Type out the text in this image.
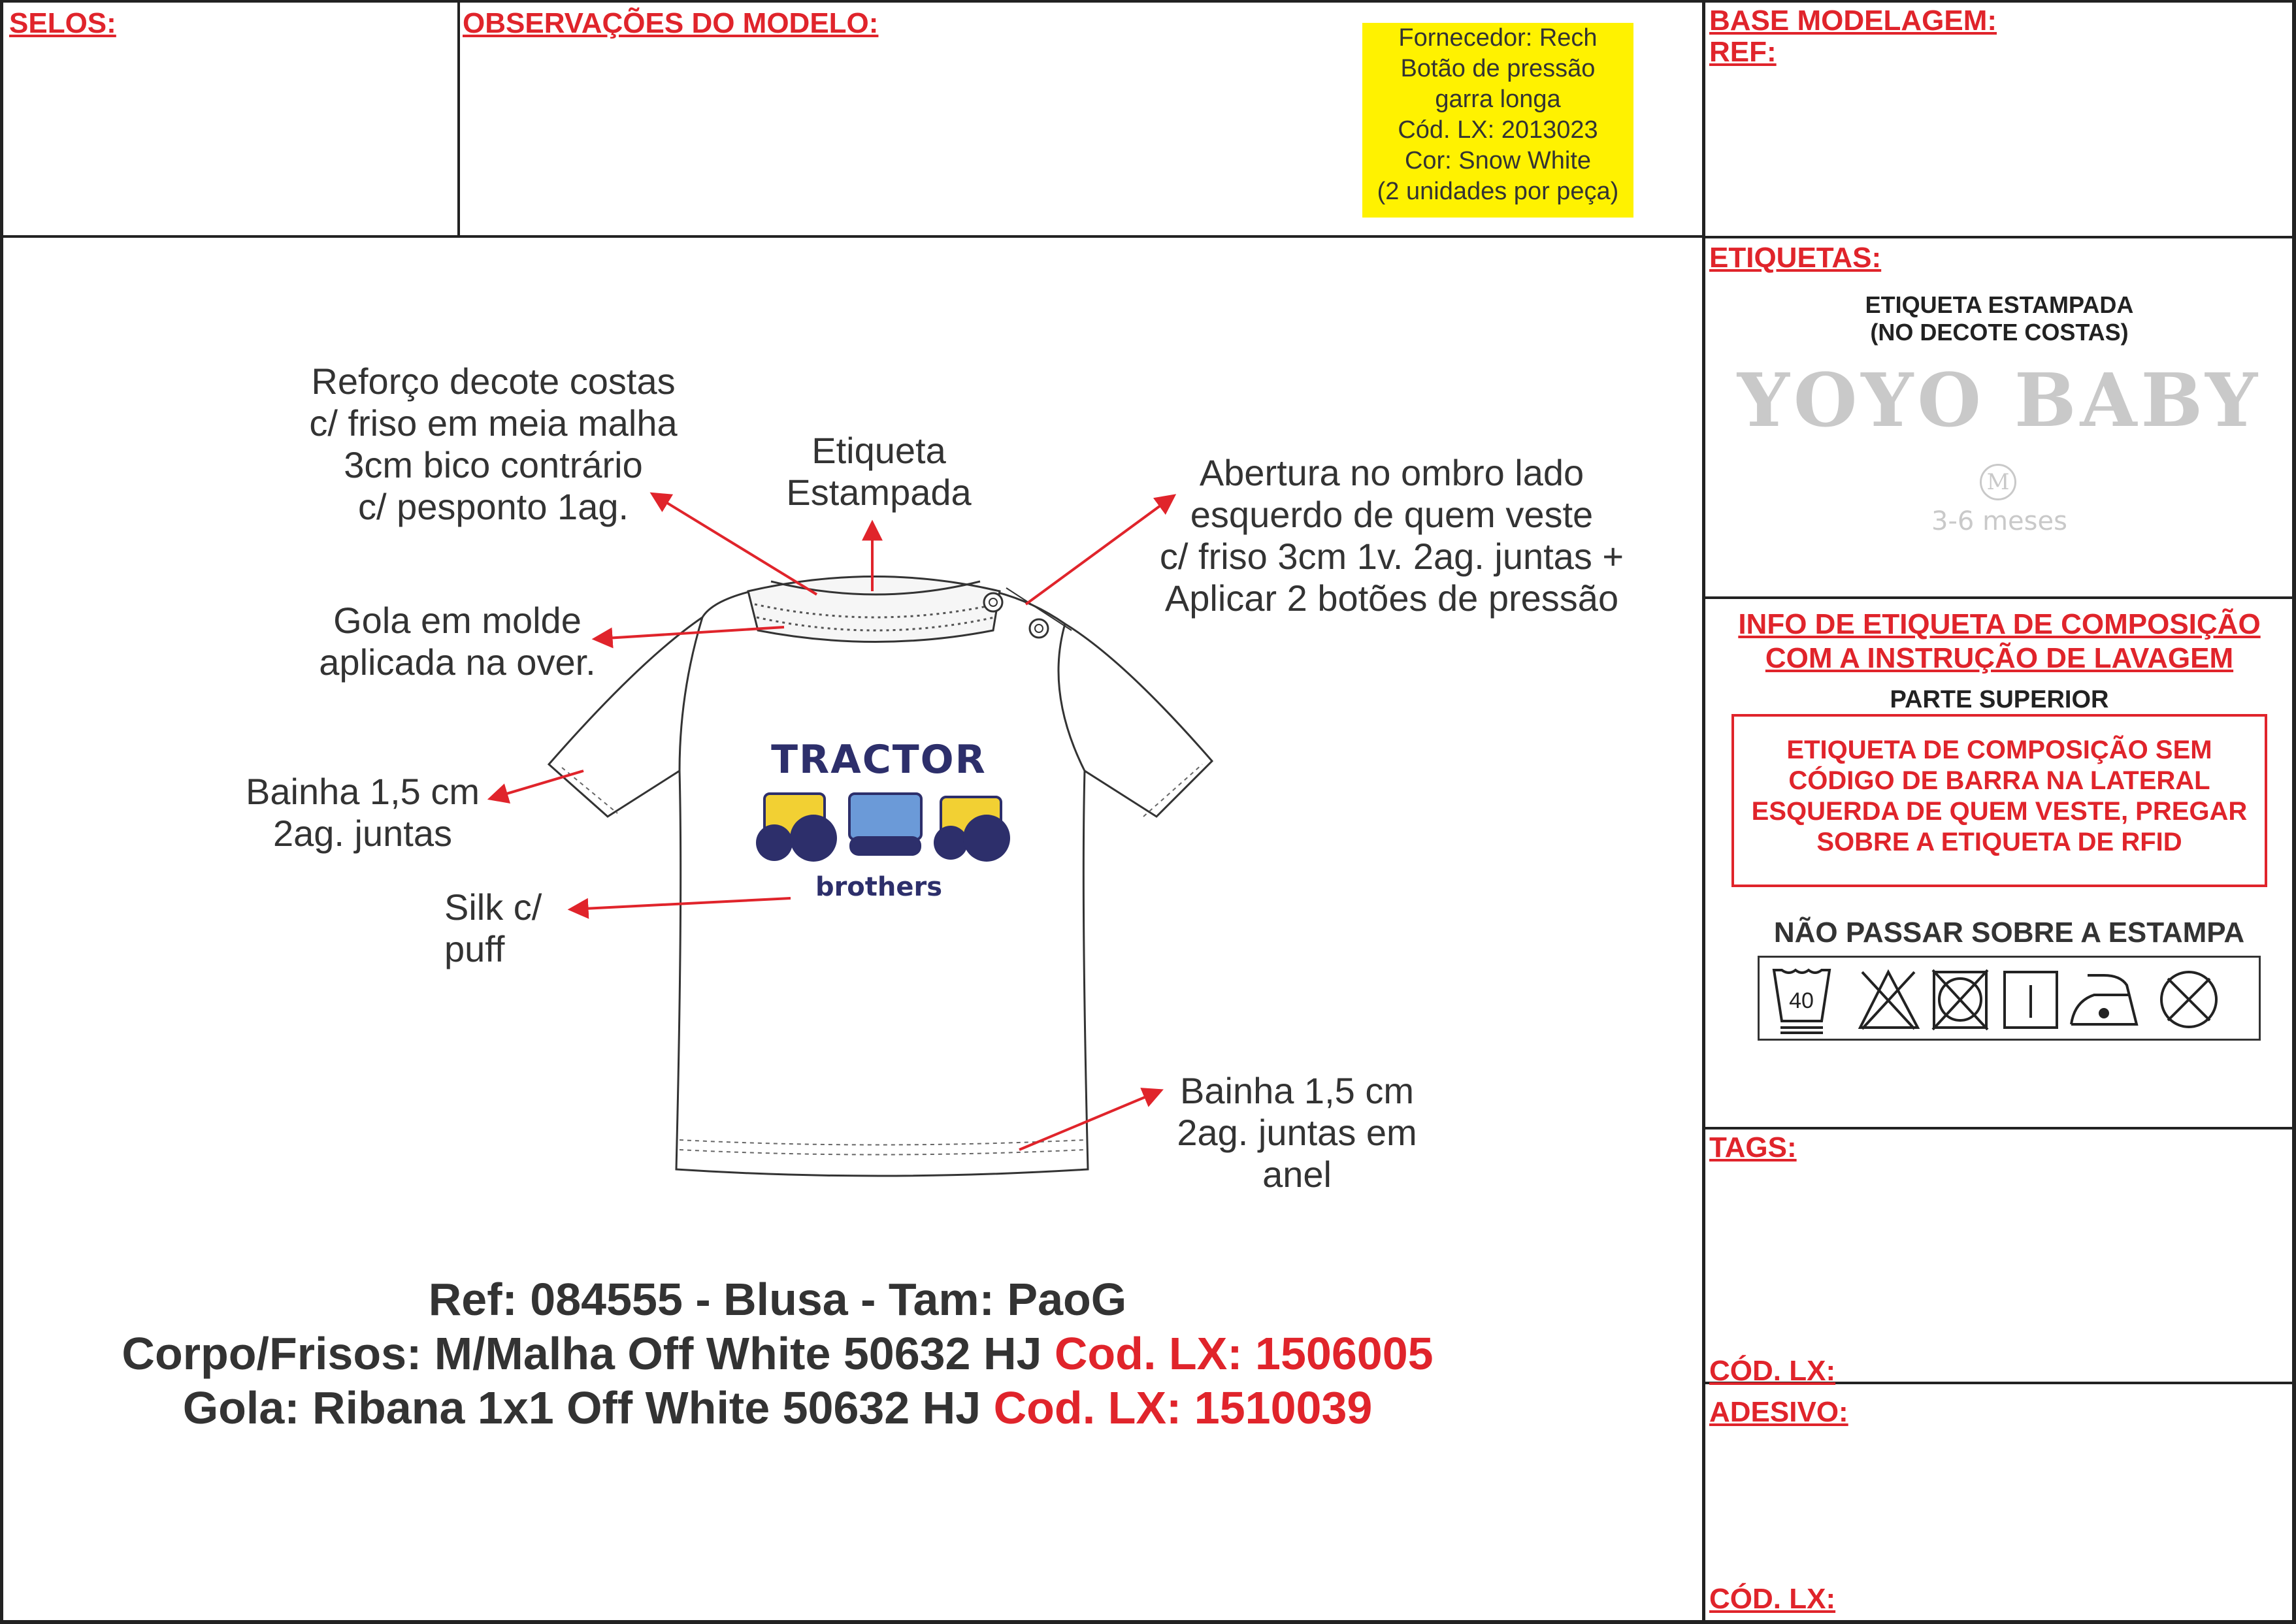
SELOS:	OBSERVAÇÕES DO MODELO:	BASE MODELAGEM:
REF:
ETIQUETAS:
TAGS:
CÓD. LX:
ADESIVO:
CÓD. LX:
Fornecedor: Rech
Botão de pressão
garra longa
Cód. LX: 2013023
Cor: Snow White
(2 unidades por peça)
TRACTOR
brothers
Reforço decote costas
c/ friso em meia malha
3cm bico contrário
c/ pesponto 1ag.
Etiqueta
Estampada	Abertura no ombro lado
esquerdo de quem veste
c/ friso 3cm 1v. 2ag. juntas +
Aplicar 2 botões de pressão
Gola em molde
aplicada na over.
Bainha 1,5 cm
2ag. juntas
Silk c/
puff
Bainha 1,5 cm
2ag. juntas em
anel
Ref: 084555 - Blusa - Tam: PaoG
Corpo/Frisos: M/Malha Off White 50632 HJ Cod. LX: 1506005
Gola: Ribana 1x1 Off White 50632 HJ Cod. LX: 1510039
ETIQUETA ESTAMPADA
(NO DECOTE COSTAS)
YOYO BABY
M
3-6 meses
INFO DE ETIQUETA DE COMPOSIÇÃO
COM A INSTRUÇÃO DE LAVAGEM
PARTE SUPERIOR
ETIQUETA DE COMPOSIÇÃO SEM
CÓDIGO DE BARRA NA LATERAL
ESQUERDA DE QUEM VESTE, PREGAR
SOBRE A ETIQUETA DE RFID
NÃO PASSAR SOBRE A ESTAMPA
40
